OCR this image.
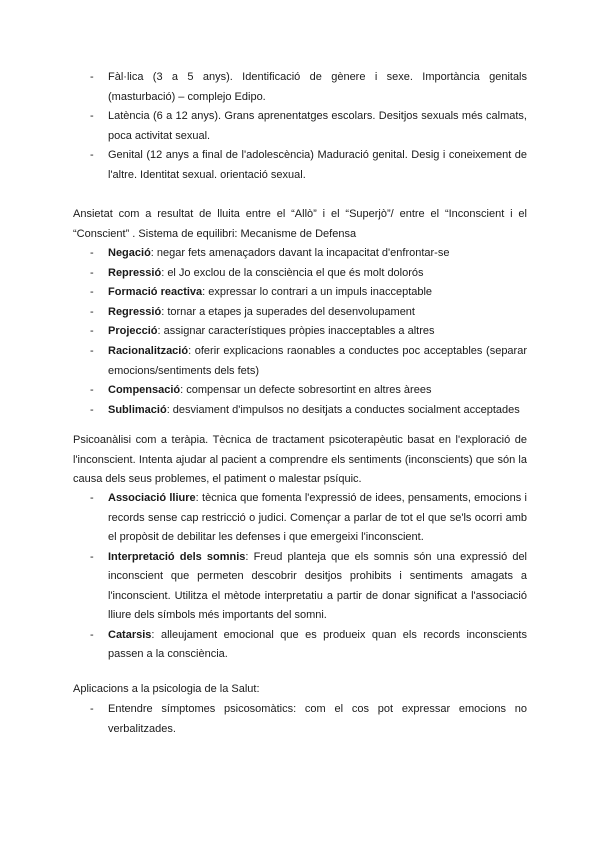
- Fàl·lica (3 a 5 anys). Identificació de gènere i sexe. Importància genitals (masturbació) – complejo Edipo.
- Latència (6 a 12 anys). Grans aprenentatges escolars. Desitjos sexuals més calmats, poca activitat sexual.
- Genital (12 anys a final de l'adolescència) Maduració genital. Desig i coneixement de l'altre. Identitat sexual. orientació sexual.

Ansietat com a resultat de lluita entre el “Allò” i el “Superjò”/ entre el “Inconscient i el “Conscient” . Sistema de equilibri: Mecanisme de Defensa

- Negació: negar fets amenaçadors davant la incapacitat d'enfrontar-se
- Repressió: el Jo exclou de la consciència el que és molt dolorós
- Formació reactiva: expressar lo contrari a un impuls inacceptable
- Regressió: tornar a etapes ja superades del desenvolupament
- Projecció: assignar característiques pròpies inacceptables a altres
- Racionalització: oferir explicacions raonables a conductes poc acceptables (separar emocions/sentiments dels fets)
- Compensació: compensar un defecte sobresortint en altres àrees
- Sublimació: desviament d'impulsos no desitjats a conductes socialment acceptades

Psicoanàlisi com a teràpia. Tècnica de tractament psicoterapèutic basat en l'exploració de l'inconscient. Intenta ajudar al pacient a comprendre els sentiments (inconscients) que són la causa dels seus problemes, el patiment o malestar psíquic.

- Associació lliure: tècnica que fomenta l'expressió de idees, pensaments, emocions i records sense cap restricció o judici. Començar a parlar de tot el que se'ls ocorri amb el propòsit de debilitar les defenses i que emergeixi l'inconscient.
- Interpretació dels somnis: Freud planteja que els somnis són una expressió del inconscient que permeten descobrir desitjos prohibits i sentiments amagats a l'inconscient. Utilitza el mètode interpretatiu a partir de donar significat a l'associació lliure dels símbols més importants del somni.
- Catarsis: alleujament emocional que es produeix quan els records inconscients passen a la consciència.

Aplicacions a la psicologia de la Salut:

- Entendre símptomes psicosomàtics: com el cos pot expressar emocions no verbalitzades.
